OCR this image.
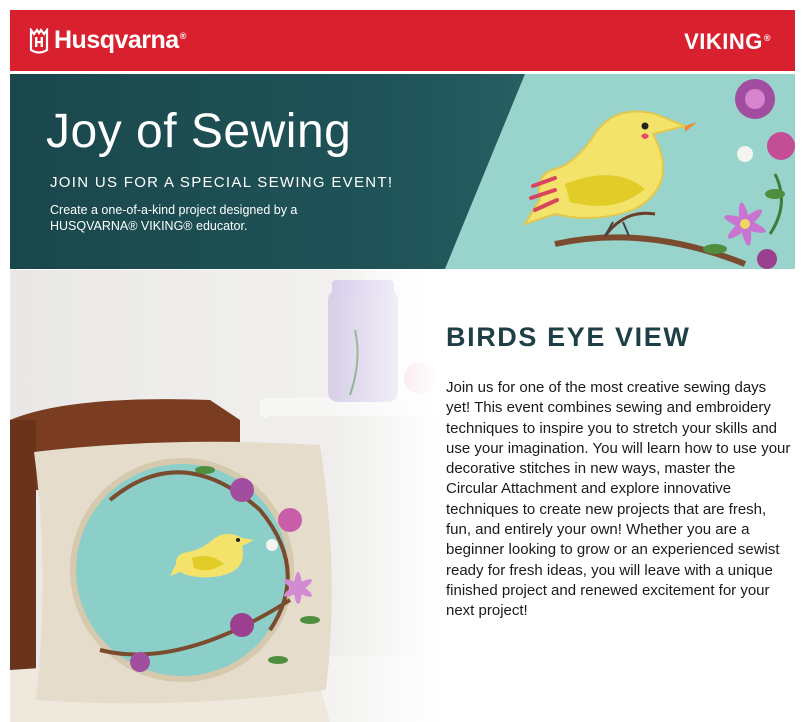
Husqvarna®	VIKING®
Joy of Sewing

JOIN US FOR A SPECIAL SEWING EVENT!

Create a one-of-a-kind project designed by a HUSQVARNA® VIKING® educator.

BIRDS EYE VIEW

Join us for one of the most creative sewing days yet! This event combines sewing and embroidery techniques to inspire you to stretch your skills and use your imagination. You will learn how to use your decorative stitches in new ways, master the Circular Attachment and explore innovative techniques to create new projects that are fresh, fun, and entirely your own! Whether you are a beginner looking to grow or an experienced sewist ready for fresh ideas, you will leave with a unique finished project and renewed excitement for your next project!
